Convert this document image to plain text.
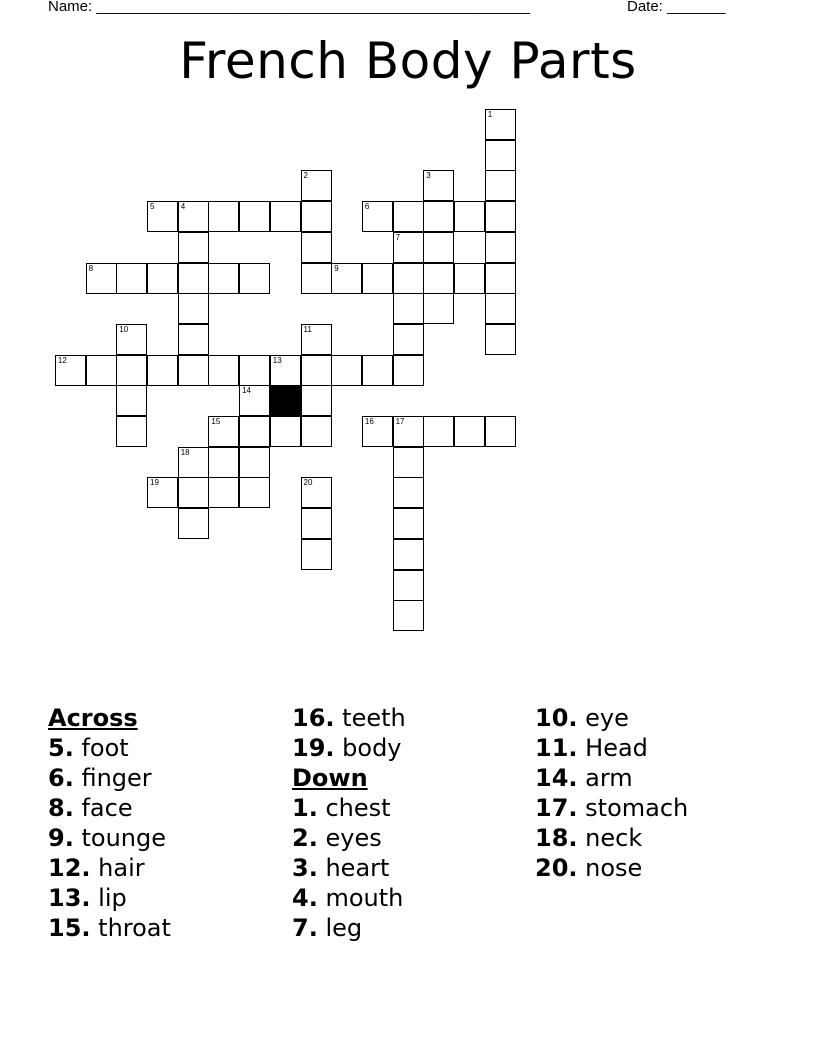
Name: ____________________________________________________	Date: _______
French Body Parts
1
2	3
4
5	6
7
8	9
10	11
12	13
14
15	16	17
18
19	20
Across
5. foot
6. finger
8. face
9. tounge
12. hair
13. lip
15. throat
16. teeth
19. body
Down
1. chest
2. eyes
3. heart
4. mouth
7. leg
10. eye
11. Head
14. arm
17. stomach
18. neck
20. nose
